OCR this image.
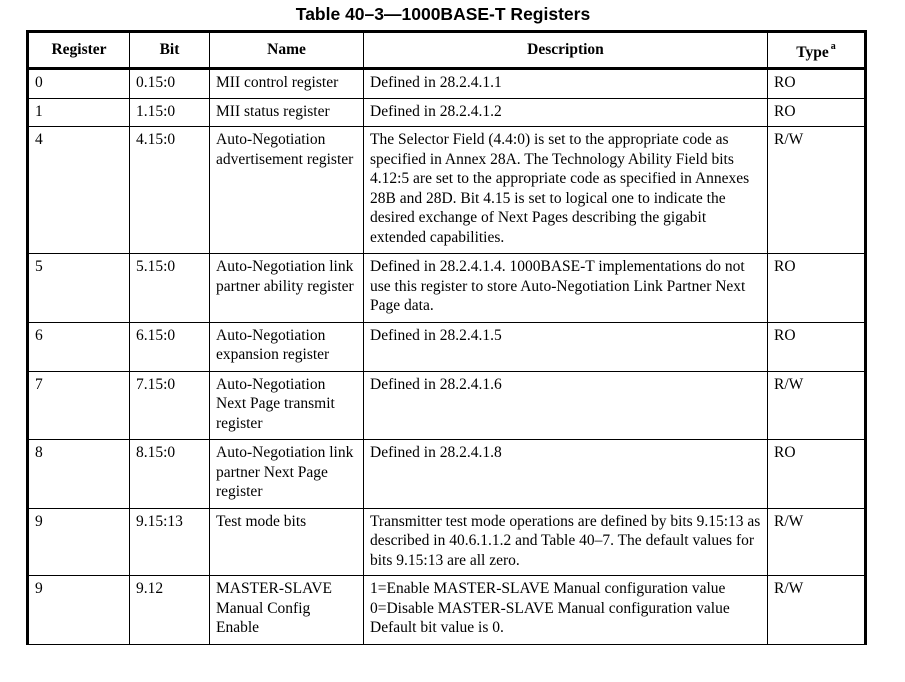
Table 40–3—1000BASE-T Registers
Register	Bit	Name	Description	Type $^a$
0	0.15:0	MII control register	Defined in 28.2.4.1.1	RO
1	1.15:0	MII status register	Defined in 28.2.4.1.2	RO
4	4.15:0	Auto-Negotiation advertisement register	The Selector Field (4.4:0) is set to the appropriate code as specified in Annex 28A. The Technology Ability Field bits 4.12:5 are set to the appropriate code as specified in Annexes 28B and 28D. Bit 4.15 is set to logical one to indicate the desired exchange of Next Pages describing the gigabit extended capabilities.	R/W
5	5.15:0	Auto-Negotiation link partner ability register	Defined in 28.2.4.1.4. 1000BASE-T implementations do not use this register to store Auto-Negotiation Link Partner Next Page data.	RO
6	6.15:0	Auto-Negotiation expansion register	Defined in 28.2.4.1.5	RO
7	7.15:0	Auto-Negotiation Next Page transmit register	Defined in 28.2.4.1.6	R/W
8	8.15:0	Auto-Negotiation link partner Next Page register	Defined in 28.2.4.1.8	RO
9	9.15:13	Test mode bits	Transmitter test mode operations are defined by bits 9.15:13 as described in 40.6.1.1.2 and Table 40–7. The default values for bits 9.15:13 are all zero.	R/W
9	9.12	MASTER-SLAVE Manual Config Enable	1=Enable MASTER-SLAVE Manual configuration value
0=Disable MASTER-SLAVE Manual configuration value
Default bit value is 0.	R/W
